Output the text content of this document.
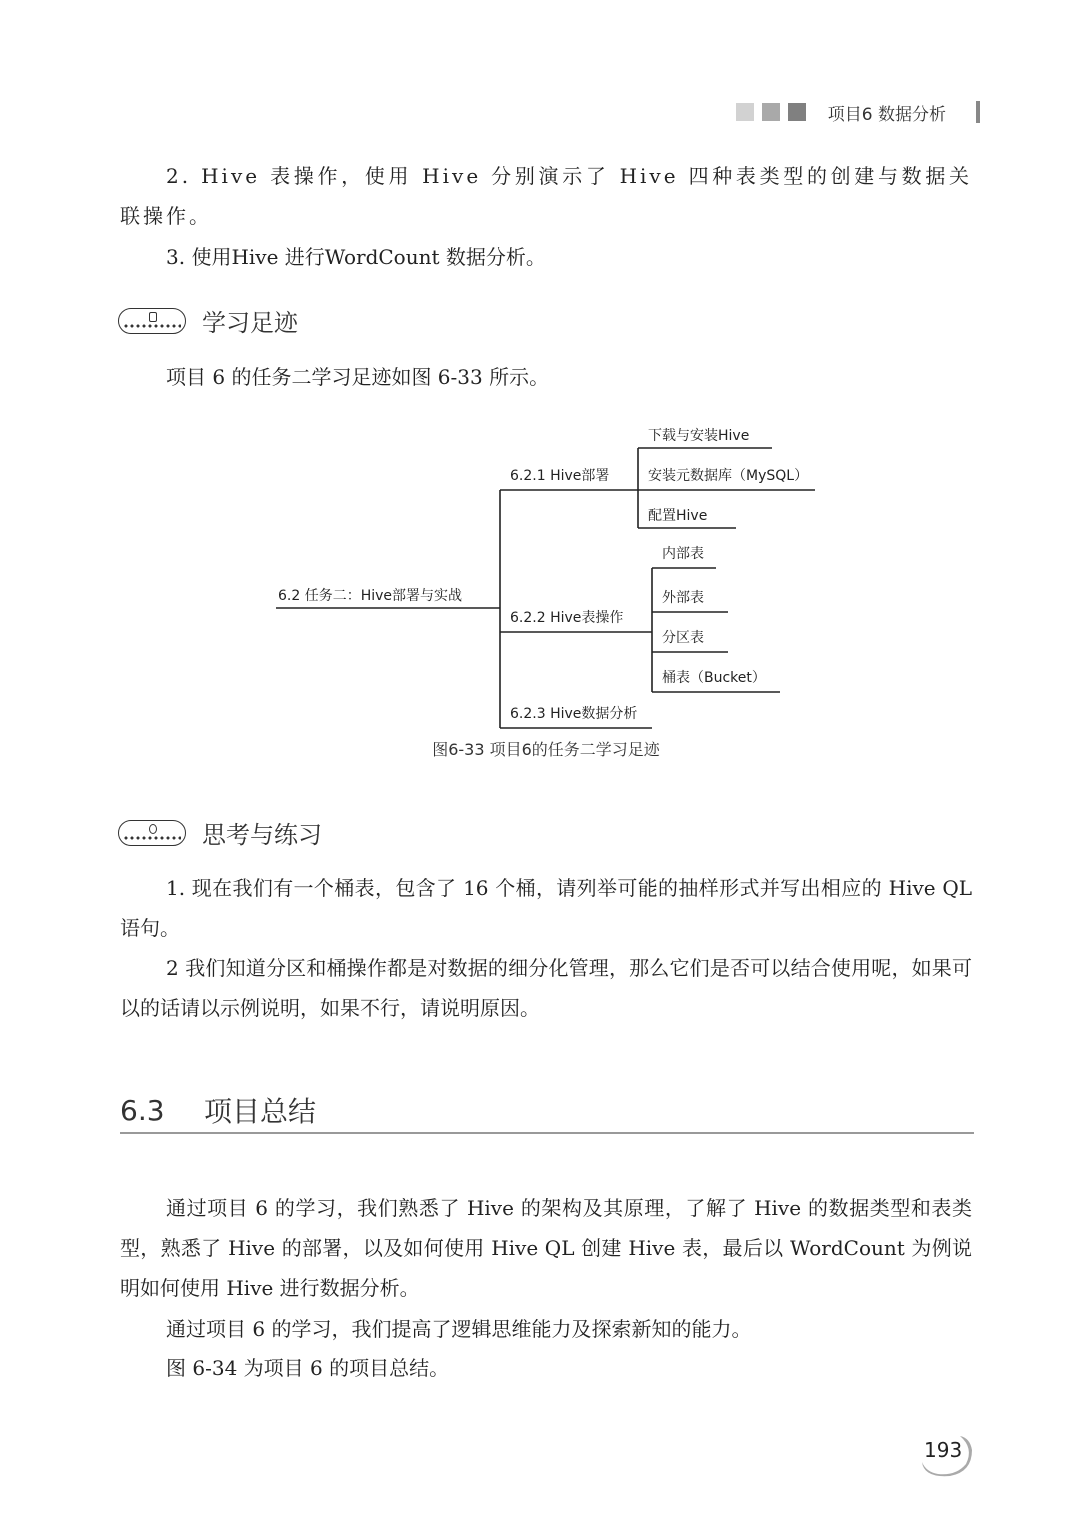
项目6 数据分析

2. Hive 表操作，使用 Hive 分别演示了 Hive 四种表类型的创建与数据关联操作。

3. 使用Hive 进行WordCount 数据分析。

学习足迹

项目 6 的任务二学习足迹如图 6-33 所示。

6.2 任务二：Hive部署与实战
6.2.1 Hive部署
6.2.2 Hive表操作
6.2.3 Hive数据分析
下载与安装Hive
安装元数据库（MySQL）
配置Hive
内部表
外部表
分区表
桶表（Bucket）
图6-33 项目6的任务二学习足迹
思考与练习

1. 现在我们有一个桶表，包含了 16 个桶，请列举可能的抽样形式并写出相应的 Hive QL 语句。

2 我们知道分区和桶操作都是对数据的细分化管理，那么它们是否可以结合使用呢，如果可以的话请以示例说明，如果不行，请说明原因。

6.3	项目总结

通过项目 6 的学习，我们熟悉了 Hive 的架构及其原理，了解了 Hive 的数据类型和表类型，熟悉了 Hive 的部署，以及如何使用 Hive QL 创建 Hive 表，最后以 WordCount 为例说明如何使用 Hive 进行数据分析。

通过项目 6 的学习，我们提高了逻辑思维能力及探索新知的能力。

图 6-34 为项目 6 的项目总结。

193
